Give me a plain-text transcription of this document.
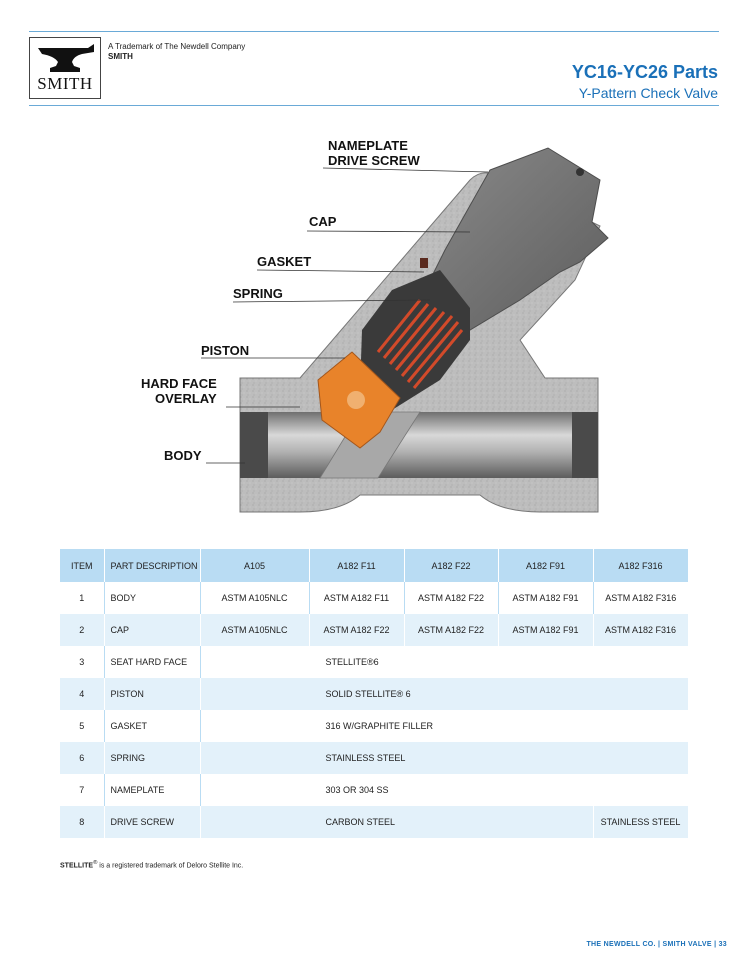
SMITH
A Trademark of The Newdell Company
SMITH
YC16-YC26 Parts
Y-Pattern Check Valve
NAMEPLATE
DRIVE SCREW
CAP
GASKET
SPRING
PISTON
HARD FACE
OVERLAY
BODY
ITEM	PART DESCRIPTION	A105	A182 F11	A182 F22	A182 F91	A182 F316
1	BODY	ASTM A105NLC	ASTM A182 F11	ASTM A182 F22	ASTM A182 F91	ASTM A182 F316
2	CAP	ASTM A105NLC	ASTM A182 F22	ASTM A182 F22	ASTM A182 F91	ASTM A182 F316
3	SEAT HARD FACE	STELLITE®6				
4	PISTON	SOLID STELLITE® 6				
5	GASKET	316 W/GRAPHITE FILLER				
6	SPRING	STAINLESS STEEL				
7	NAMEPLATE	303 OR 304 SS				
8	DRIVE SCREW	CARBON STEEL				STAINLESS STEEL
STELLITE® is a registered trademark of Deloro Stellite Inc.
THE NEWDELL CO. | SMITH VALVE | 33
